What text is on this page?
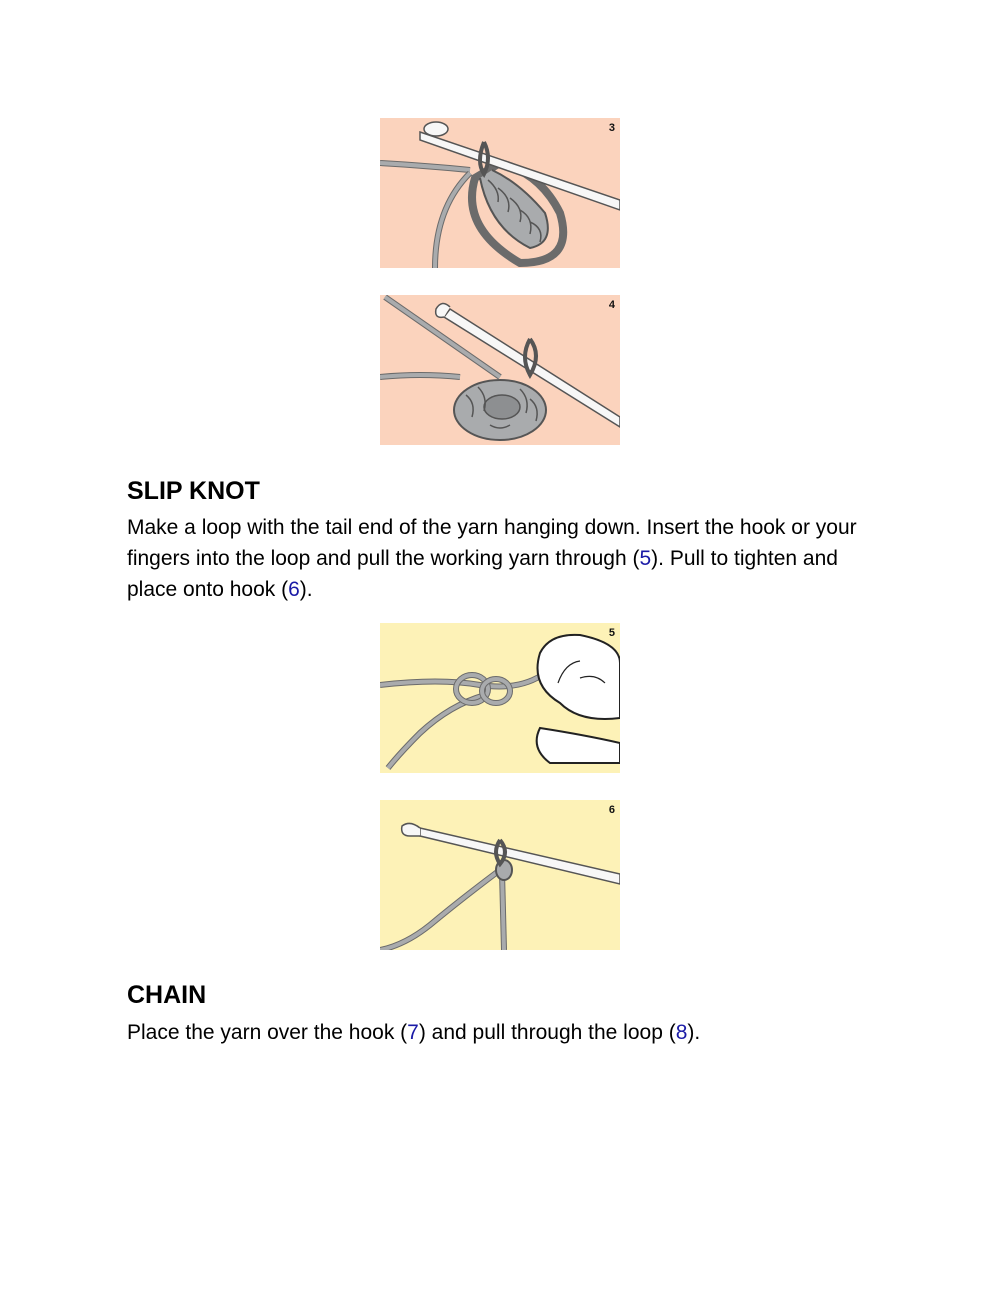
3
4
SLIP KNOT

Make a loop with the tail end of the yarn hanging down. Insert the hook or your fingers into the loop and pull the working yarn through (5). Pull to tighten and place onto hook (6).

5
6
CHAIN

Place the yarn over the hook (7) and pull through the loop (8).
